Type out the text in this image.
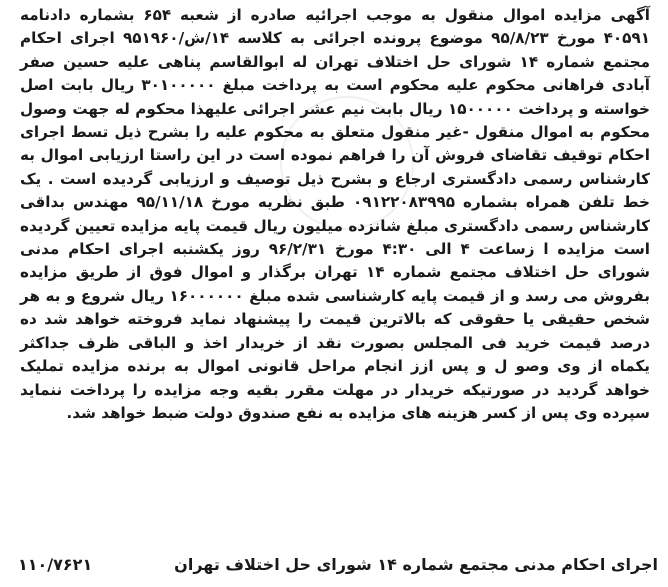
آگهی مزایده اموال منقول به موجب اجرائیه صادره از شعبه ۶۵۴ بشماره دادنامه ۴۰۵۹۱ مورخ ۹۵/۸/۲۳ موضوع پرونده اجرائی به کلاسه ۱۴/ش/۹۵۱۹۶۰ اجرای احکام مجتمع شماره ۱۴ شورای حل اختلاف تهران له ابوالقاسم پناهی علیه حسین صفر آبادی فراهانی محکوم علیه محکوم است به پرداخت مبلغ ۳۰۱۰۰۰۰۰ ریال بابت اصل خواسته و پرداخت ۱۵۰۰۰۰۰ ریال بابت نیم عشر اجرائی علیهذا محکوم له جهت وصول محکوم به اموال منقول -غیر منقول متعلق به محکوم علیه را بشرح ذیل تسط اجرای احکام توقیف تقاضای فروش آن را فراهم نموده است در این راستا ارزیابی اموال به کارشناس رسمی دادگستری ارجاع و بشرح ذیل توصیف و ارزیابی گردیده است . یک خط تلفن همراه بشماره ۰۹۱۲۲۰۸۳۹۹۵ طبق نظریه مورخ ۹۵/۱۱/۱۸ مهندس بداقی کارشناس رسمی دادگستری مبلغ شانزده میلیون ریال قیمت پایه مزایده تعیین گردیده است مزایده ا زساعت ۴ الی ۴:۳۰ مورخ ۹۶/۲/۳۱ روز یکشنبه اجرای احکام مدنی شورای حل اختلاف مجتمع شماره ۱۴ تهران برگذار و اموال فوق از طریق مزایده بفروش می رسد و از قیمت پایه کارشناسی شده مبلغ ۱۶۰۰۰۰۰۰ ریال شروع و به هر شخص حقیقی یا حقوقی که بالاترین قیمت را پیشنهاد نماید فروخته خواهد شد ده درصد قیمت خرید فی المجلس بصورت نقد از خریدار اخذ و الباقی ظرف جداکثر یکماه از وی وصو ل و پس ازز انجام مراحل قانونی اموال به برنده مزایده تملیک خواهد گردید در صورتیکه خریدار در مهلت مقرر بقیه وجه مزایده را پرداخت ننماید سپرده وی پس از کسر هزینه های مزایده به نفع صندوق دولت ضبط خواهد شد.

اجرای احکام مدنی مجتمع شماره ۱۴ شورای حل اختلاف تهران
۱۱۰/۷۶۲۱
